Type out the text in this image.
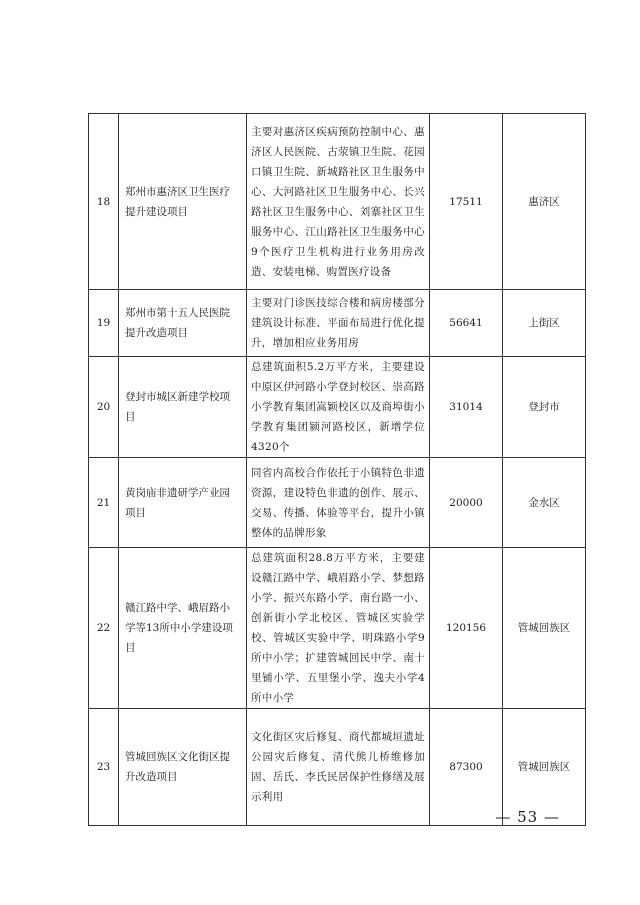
18	郑州市惠济区卫生医疗提升建设项目	主要对惠济区疾病预防控制中心、惠济区人民医院、古荥镇卫生院、花园口镇卫生院、新城路社区卫生服务中心、大河路社区卫生服务中心、长兴路社区卫生服务中心、刘寨社区卫生服务中心、江山路社区卫生服务中心9个医疗卫生机构进行业务用房改造、安装电梯、购置医疗设备	17511	惠济区
19	郑州市第十五人民医院提升改造项目	主要对门诊医技综合楼和病房楼部分建筑设计标准、平面布局进行优化提升，增加相应业务用房	56641	上街区
20	登封市城区新建学校项目	总建筑面积5.2万平方米，主要建设中原区伊河路小学登封校区、崇高路小学教育集团嵩颖校区以及商埠街小学教育集团颍河路校区，新增学位4320个	31014	登封市
21	黄岗庙非遗研学产业园项目	同省内高校合作依托于小镇特色非遗资源，建设特色非遗的创作、展示、交易、传播、体验等平台，提升小镇整体的品牌形象	20000	金水区
22	赣江路中学、峨眉路小学等13所中小学建设项目	总建筑面积28.8万平方米，主要建设赣江路中学、峨眉路小学、梦想路小学、振兴东路小学、南台路一小、创新街小学北校区、管城区实验学校、管城区实验中学、明珠路小学9所中小学；扩建管城回民中学、南十里铺小学、五里堡小学、逸夫小学4所中小学	120156	管城回族区
23	管城回族区文化街区提升改造项目	文化街区灾后修复、商代都城垣遗址公园灾后修复、清代熊儿桥维修加固、岳氏、李氏民居保护性修缮及展示利用	87300	管城回族区
— 53 —
